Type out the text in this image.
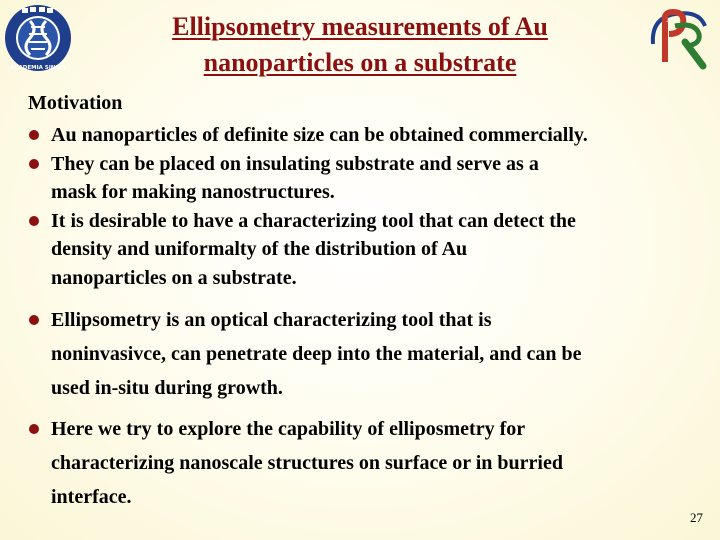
ACADEMIA SINICA
Ellipsometry measurements of Au
nanoparticles on a substrate
Motivation
Au nanoparticles of definite size can be obtained commercially.
They can be placed on insulating substrate and serve as a
mask for making nanostructures.
It is desirable to have a characterizing tool that can detect the
density and uniformalty of the distribution of Au
nanoparticles on a substrate.
Ellipsometry is an optical characterizing tool that is
noninvasivce, can penetrate deep into the material, and can be
used in-situ during growth.
Here we try to explore the capability of elliposmetry for
characterizing nanoscale structures on surface or in burried
interface.
27
